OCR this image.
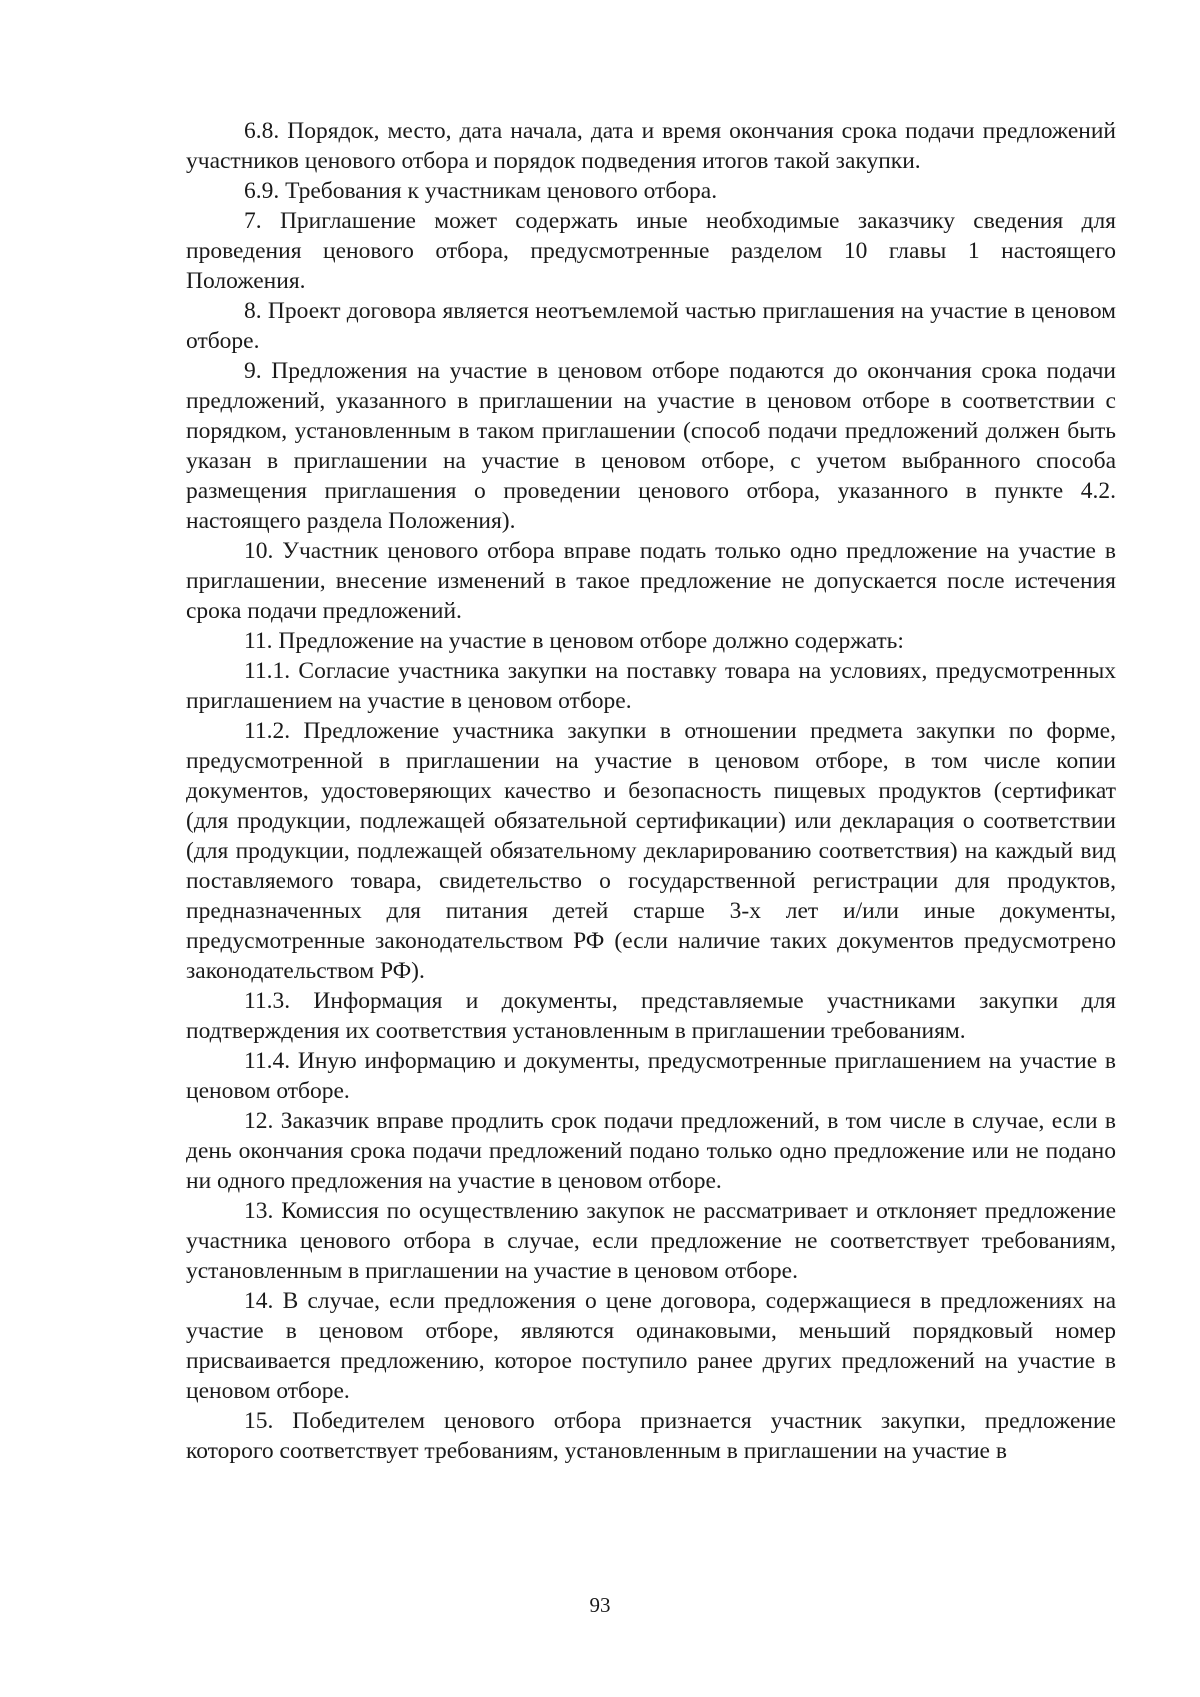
6.8. Порядок, место, дата начала, дата и время окончания срока подачи предложений участников ценового отбора и порядок подведения итогов такой закупки.

6.9. Требования к участникам ценового отбора.

7. Приглашение может содержать иные необходимые заказчику сведения для проведения ценового отбора, предусмотренные разделом 10 главы 1 настоящего Положения.

8. Проект договора является неотъемлемой частью приглашения на участие в ценовом отборе.

9. Предложения на участие в ценовом отборе подаются до окончания срока подачи предложений, указанного в приглашении на участие в ценовом отборе в соответствии с порядком, установленным в таком приглашении (способ подачи предложений должен быть указан в приглашении на участие в ценовом отборе, с учетом выбранного способа размещения приглашения о проведении ценового отбора, указанного в пункте 4.2. настоящего раздела Положения).

10. Участник ценового отбора вправе подать только одно предложение на участие в приглашении, внесение изменений в такое предложение не допускается после истечения срока подачи предложений.

11. Предложение на участие в ценовом отборе должно содержать:

11.1. Согласие участника закупки на поставку товара на условиях, предусмотренных приглашением на участие в ценовом отборе.

11.2. Предложение участника закупки в отношении предмета закупки по форме, предусмотренной в приглашении на участие в ценовом отборе, в том числе копии документов, удостоверяющих качество и безопасность пищевых продуктов (сертификат (для продукции, подлежащей обязательной сертификации) или декларация о соответствии (для продукции, подлежащей обязательному декларированию соответствия) на каждый вид поставляемого товара, свидетельство о государственной регистрации для продуктов, предназначенных для питания детей старше 3-х лет и/или иные документы, предусмотренные законодательством РФ (если наличие таких документов предусмотрено законодательством РФ).

11.3. Информация и документы, представляемые участниками закупки для подтверждения их соответствия установленным в приглашении требованиям.

11.4. Иную информацию и документы, предусмотренные приглашением на участие в ценовом отборе.

12. Заказчик вправе продлить срок подачи предложений, в том числе в случае, если в день окончания срока подачи предложений подано только одно предложение или не подано ни одного предложения на участие в ценовом отборе.

13. Комиссия по осуществлению закупок не рассматривает и отклоняет предложение участника ценового отбора в случае, если предложение не соответствует требованиям, установленным в приглашении на участие в ценовом отборе.

14. В случае, если предложения о цене договора, содержащиеся в предложениях на участие в ценовом отборе, являются одинаковыми, меньший порядковый номер присваивается предложению, которое поступило ранее других предложений на участие в ценовом отборе.

15. Победителем ценового отбора признается участник закупки, предложение которого соответствует требованиям, установленным в приглашении на участие в

93
